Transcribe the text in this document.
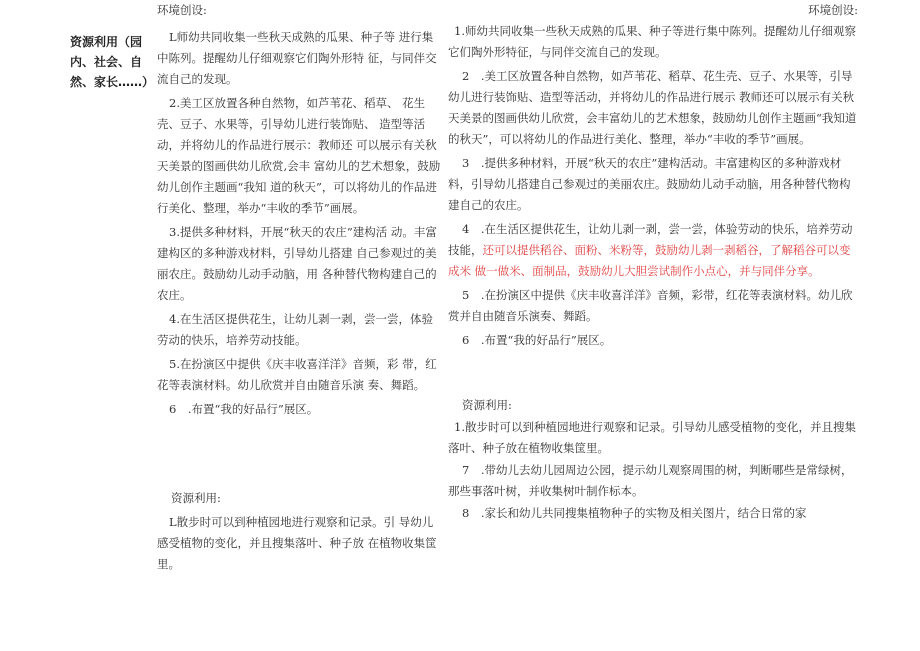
资源利用（园内、社会、自然、家长……）

环境创设:

L师幼共同收集一些秋天成熟的瓜果、种子等 进行集中陈列。提醒幼儿仔细观察它们陶外形特 征，与同伴交流自己的发现。

2.美工区放置各种自然物，如芦苇花、稻草、 花生壳、豆子、水果等，引导幼儿进行装饰贴、 造型等活动，并将幼儿的作品进行展示：教师还 可以展示有关秋天美景的图画供幼儿欣赏,会丰 富幼儿的艺术想象，鼓励幼儿创作主题画“我知 道的秋天”，可以将幼儿的作品进行美化、整理，举办“丰收的季节”画展。

3.提供多种材料，开展“秋天的农庄”建构活 动。丰富建构区的多种游戏材料，引导幼儿搭建 自己参观过的美丽农庄。鼓励幼儿动手动脑，用 各种替代物构建自己的农庄。

4.在生活区提供花生，让幼儿剥一剥，尝一尝，体验劳动的快乐，培养劳动技能。

5.在扮演区中提供《庆丰收喜洋洋》音频，彩 带，红花等表演材料。幼儿欣赏并自由随音乐演 奏、舞蹈。

6　.布置“我的好品行”展区。

资源利用:

L散步时可以到种植园地进行观察和记录。引 导幼儿感受植物的变化，并且搜集落叶、种子放 在植物收集筐里。

环境创设:

1.师幼共同收集一些秋天成熟的瓜果、种子等进行集中陈列。提醒幼儿仔细观察它们陶外形特征，与同伴交流自己的发现。

2　.美工区放置各种自然物，如芦苇花、稻草、花生壳、豆子、水果等，引导幼儿进行装饰贴、造型等活动，并将幼儿的作品进行展示 教师还可以展示有关秋天美景的图画供幼儿欣赏，会丰富幼儿的艺术想象，鼓励幼儿创作主题画“我知道的秋天”，可以将幼儿的作品进行美化、整理，举办“丰收的季节”画展。

3　.提供多种材料，开展“秋天的农庄”建构活动。丰富建构区的多种游戏材料，引导幼儿搭建自己参观过的美丽农庄。鼓励幼儿动手动脑，用各种替代物构建自己的农庄。

4　.在生活区提供花生，让幼儿剥一剥，尝一尝，体验劳动的快乐，培养劳动技能，还可以提供稻谷、面粉、米粉等，鼓励幼儿剥一剥稻谷，了解稻谷可以变成米 做一做米、面制品，鼓励幼儿大胆尝试制作小点心，并与同伴分享。

5　.在扮演区中提供《庆丰收喜洋洋》音频，彩带，红花等表演材料。幼儿欣赏并自由随音乐演奏、舞蹈。

6　.布置“我的好品行”展区。

资源利用:

1.散步时可以到种植园地进行观察和记录。引导幼儿感受植物的变化，并且搜集落叶、种子放在植物收集筐里。

7　.带幼儿去幼儿园周边公园，提示幼儿观察周围的树，判断哪些是常绿树，那些事落叶树，并收集树叶制作标本。

8　.家长和幼儿共同搜集植物种子的实物及相关图片，结合日常的家
